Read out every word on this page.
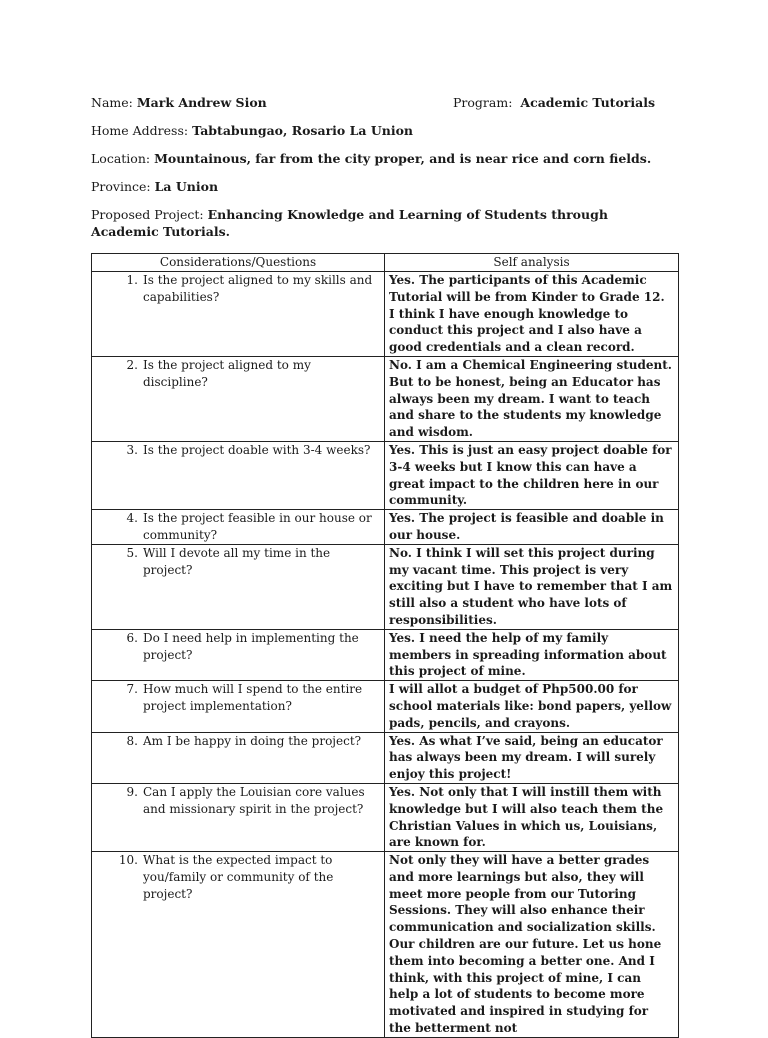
Name: Mark Andrew Sion	Program: Academic Tutorials
Home Address: Tabtabungao, Rosario La Union
Location: Mountainous, far from the city proper, and is near rice and corn fields.
Province: La Union
Proposed Project: Enhancing Knowledge and Learning of Students through Academic Tutorials.
Considerations/Questions	Self analysis

1. Is the project aligned to my skills and capabilities?	Yes. The participants of this Academic Tutorial will be from Kinder to Grade 12. I think I have enough knowledge to conduct this project and I also have a good credentials and a clean record.

2. Is the project aligned to my discipline?	No. I am a Chemical Engineering student. But to be honest, being an Educator has always been my dream. I want to teach and share to the students my knowledge and wisdom.

3. Is the project doable with 3-4 weeks?	Yes. This is just an easy project doable for 3-4 weeks but I know this can have a great impact to the children here in our community.

4. Is the project feasible in our house or community?	Yes. The project is feasible and doable in our house.

5. Will I devote all my time in the project?	No. I think I will set this project during my vacant time. This project is very exciting but I have to remember that I am still also a student who have lots of responsibilities.

6. Do I need help in implementing the project?	Yes. I need the help of my family members in spreading information about this project of mine.

7. How much will I spend to the entire project implementation?	I will allot a budget of Php500.00 for school materials like: bond papers, yellow pads, pencils, and crayons.

8. Am I be happy in doing the project?	Yes. As what I’ve said, being an educator has always been my dream. I will surely enjoy this project!

9. Can I apply the Louisian core values and missionary spirit in the project?	Yes. Not only that I will instill them with knowledge but I will also teach them the Christian Values in which us, Louisians, are known for.

10. What is the expected impact to you/family or community of the project?	Not only they will have a better grades and more learnings but also, they will meet more people from our Tutoring Sessions. They will also enhance their communication and socialization skills. Our children are our future. Let us hone them into becoming a better one. And I think, with this project of mine, I can help a lot of students to become more motivated and inspired in studying for the betterment not
